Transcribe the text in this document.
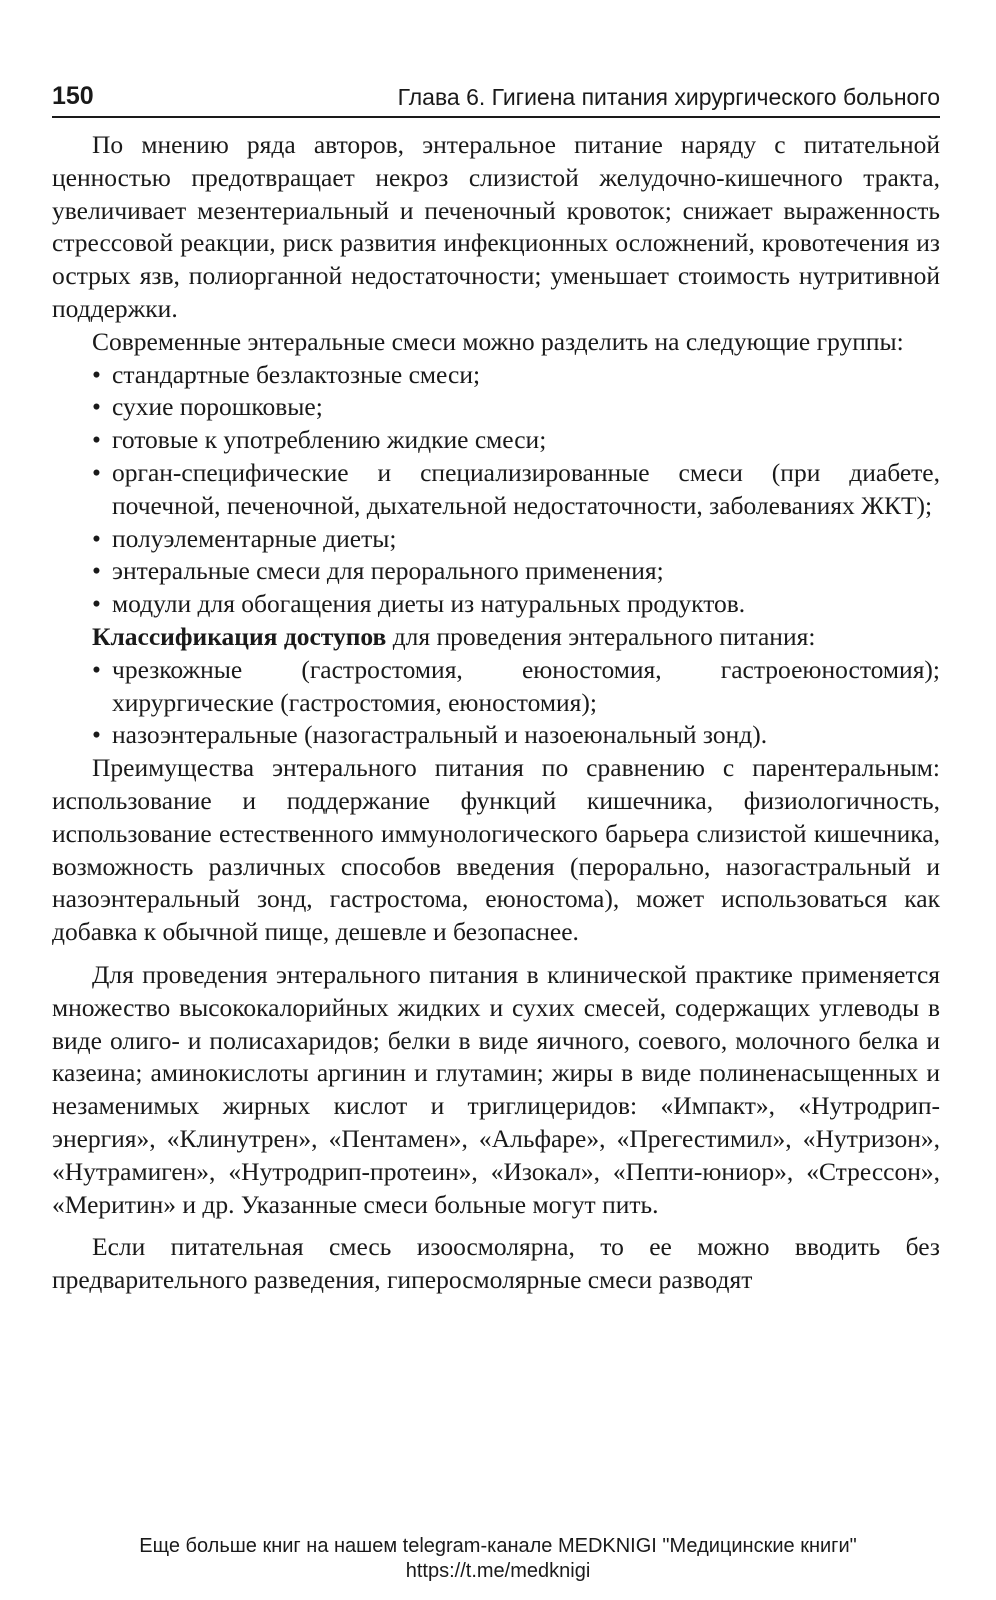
150	Глава 6. Гигиена питания хирургического больного

По мнению ряда авторов, энтеральное питание наряду с питательной ценностью предотвращает некроз слизистой желудочно-кишечного тракта, увеличивает мезентериальный и печеночный кровоток; снижает выраженность стрессовой реакции, риск развития инфекционных осложнений, кровотечения из острых язв, полиорганной недостаточности; уменьшает стоимость нутритивной поддержки.

Современные энтеральные смеси можно разделить на следующие группы:

• стандартные безлактозные смеси;
• сухие порошковые;
• готовые к употреблению жидкие смеси;
• орган-специфические и специализированные смеси (при диабете, почечной, печеночной, дыхательной недостаточности, заболеваниях ЖКТ);
• полуэлементарные диеты;
• энтеральные смеси для перорального применения;
• модули для обогащения диеты из натуральных продуктов.

Классификация доступов для проведения энтерального питания:

• чрезкожные (гастростомия, еюностомия, гастроеюностомия); хирургические (гастростомия, еюностомия);
• назоэнтеральные (назогастральный и назоеюнальный зонд).

Преимущества энтерального питания по сравнению с парентеральным: использование и поддержание функций кишечника, физиологичность, использование естественного иммунологического барьера слизистой кишечника, возможность различных способов введения (перорально, назогастральный и назоэнтеральный зонд, гастростома, еюностома), может использоваться как добавка к обычной пище, дешевле и безопаснее.

Для проведения энтерального питания в клинической практике применяется множество высококалорийных жидких и сухих смесей, содержащих углеводы в виде олиго- и полисахаридов; белки в виде яичного, соевого, молочного белка и казеина; аминокислоты аргинин и глутамин; жиры в виде полиненасыщенных и незаменимых жирных кислот и триглицеридов: «Импакт», «Нутродрип-энергия», «Клинутрен», «Пентамен», «Альфаре», «Прегестимил», «Нутризон», «Нутрамиген», «Нутродрип-протеин», «Изокал», «Пепти-юниор», «Стрессон», «Меритин» и др. Указанные смеси больные могут пить.

Если питательная смесь изоосмолярна, то ее можно вводить без предварительного разведения, гиперосмолярные смеси разводят

Еще больше книг на нашем telegram-канале MEDKNIGI "Медицинские книги"
https://t.me/medknigi
